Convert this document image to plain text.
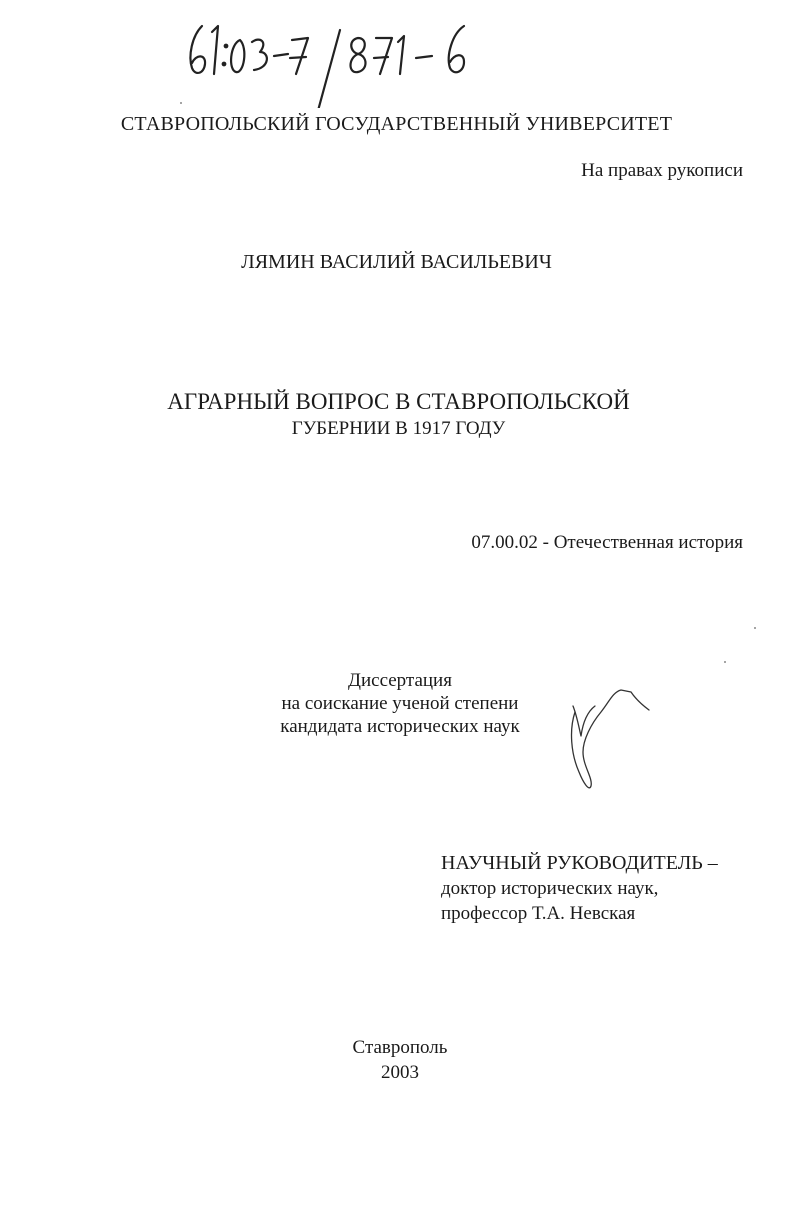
СТАВРОПОЛЬСКИЙ ГОСУДАРСТВЕННЫЙ УНИВЕРСИТЕТ
На правах рукописи
ЛЯМИН ВАСИЛИЙ ВАСИЛЬЕВИЧ
АГРАРНЫЙ ВОПРОС В СТАВРОПОЛЬСКОЙ
ГУБЕРНИИ В 1917 ГОДУ
07.00.02 - Отечественная история
Диссертация
на соискание ученой степени
кандидата исторических наук
НАУЧНЫЙ РУКОВОДИТЕЛЬ –
доктор исторических наук,
профессор Т.А. Невская
Ставрополь
2003
